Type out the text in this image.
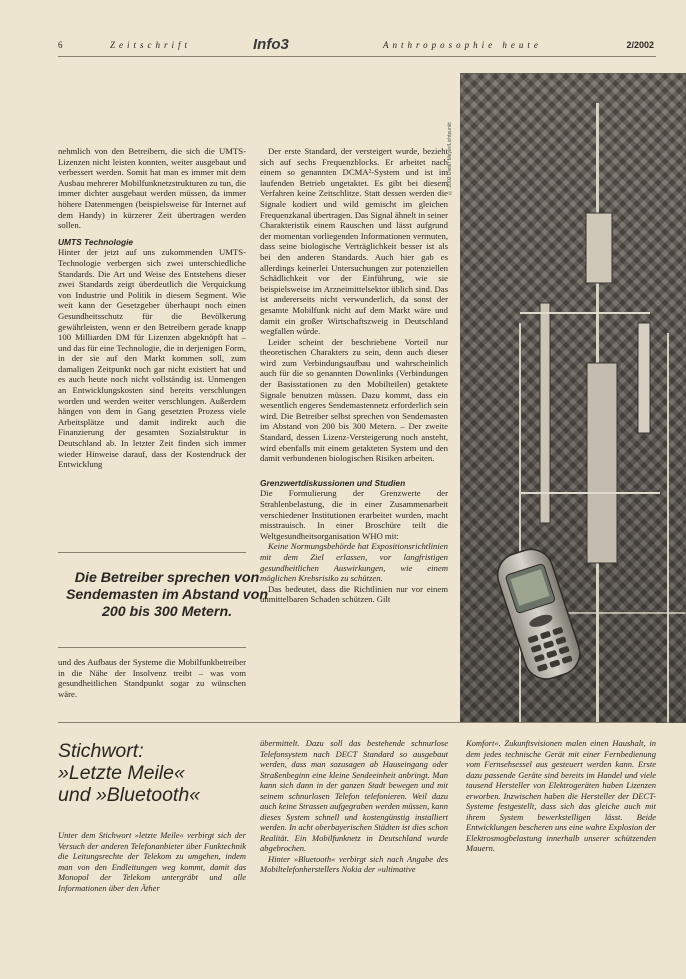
6	Zeitschrift	Info3	Anthroposophie heute	2/2002
© 2002 Dieter Meyer/Lichtpunkt

nehmlich von den Betreibern, die sich die UMTS-Lizenzen nicht leisten konnten, weiter ausgebaut und verbessert werden. Somit hat man es immer mit dem Ausbau mehrerer Mobilfunknetzstrukturen zu tun, die immer dichter ausgebaut werden müssen, da immer höhere Datenmengen (beispielsweise für Internet auf dem Handy) in kürzerer Zeit übertragen werden sollen.

UMTS Technologie

Hinter der jetzt auf uns zukommenden UMTS-Technologie verbergen sich zwei unterschiedliche Standards. Die Art und Weise des Entstehens dieser zwei Standards zeigt überdeutlich die Verquickung von Industrie und Politik in diesem Segment. Wie weit kann der Gesetzgeber überhaupt noch einen Gesundheitsschutz für die Bevölkerung gewährleisten, wenn er den Betreibern gerade knapp 100 Milliarden DM für Lizenzen abgeknöpft hat – und das für eine Technologie, die in derjenigen Form, in der sie auf den Markt kommen soll, zum damaligen Zeitpunkt noch gar nicht existiert hat und es auch heute noch nicht vollständig ist. Unmengen an Entwicklungskosten sind bereits verschlungen worden und werden weiter verschlungen. Außerdem hängen von dem in Gang gesetzten Prozess viele Arbeitsplätze und damit indirekt auch die Finanzierung der gesamten Sozialstruktur in Deutschland ab. In letzter Zeit finden sich immer wieder Hinweise darauf, dass der Kostendruck der Entwicklung

Die Betreiber sprechen von Sendemasten im Abstand von 200 bis 300 Metern.

und des Aufbaus der Systeme die Mobilfunkbetreiber in die Nähe der Insolvenz treibt – was vom gesundheitlichen Standpunkt sogar zu wünschen wäre.

Der erste Standard, der versteigert wurde, bezieht sich auf sechs Frequenzblocks. Er arbeitet nach einem so genannten DCMA²-System und ist im laufenden Betrieb ungetaktet. Es gibt bei diesem Verfahren keine Zeitschlitze. Statt dessen werden die Signale kodiert und wild gemischt im gleichen Frequenzkanal übertragen. Das Signal ähnelt in seiner Charakteristik einem Rauschen und lässt aufgrund der momentan vorliegenden Informationen vermuten, dass seine biologische Verträglichkeit besser ist als bei den anderen Standards. Auch hier gab es allerdings keinerlei Untersuchungen zur potenziellen Schädlichkeit vor der Einführung, wie sie beispielsweise im Arzneimittelsektor üblich sind. Das ist andererseits nicht verwunderlich, da sonst der gesamte Mobilfunk nicht auf dem Markt wäre und damit ein großer Wirtschaftszweig in Deutschland wegfallen würde.

Leider scheint der beschriebene Vorteil nur theoretischen Charakters zu sein, denn auch dieser wird zum Verbindungsaufbau und wahrscheinlich auch für die so genannten Downlinks (Verbindungen der Basisstationen zu den Mobilteilen) getaktete Signale benutzen müssen. Dazu kommt, dass ein wesentlich engeres Sendemastennetz erforderlich sein wird. Die Betreiber selbst sprechen von Sendemasten im Abstand von 200 bis 300 Metern. – Der zweite Standard, dessen Lizenz-Versteigerung noch ansteht, wird ebenfalls mit einem getakteten System und den damit verbundenen biologischen Risiken arbeiten.

Grenzwertdiskussionen und Studien

Die Formulierung der Grenzwerte der Strahlenbelastung, die in einer Zusammenarbeit verschiedener Institutionen erarbeitet wurden, macht misstrauisch. In einer Broschüre teilt die Weltgesundheitsorganisation WHO mit:

Keine Normungsbehörde hat Expositionsrichtlinien mit dem Ziel erlassen, vor langfristigen gesundheitlichen Auswirkungen, wie einem möglichen Krebsrisiko zu schützen.

Das bedeutet, dass die Richtlinien nur vor einem unmittelbaren Schaden schützen. Gilt

Stichwort:
»Letzte Meile«
und »Bluetooth«

Unter dem Stichwort »letzte Meile« verbirgt sich der Versuch der anderen Telefonanbieter über Funktechnik die Leitungsrechte der Telekom zu umgehen, indem man von den Endleitungen weg kommt, damit das Monopol der Telekom untergräbt und alle Informationen über den Äther

übermittelt. Dazu soll das bestehende schnurlose Telefonsystem nach DECT Standard so ausgebaut werden, dass man sozusagen ab Hauseingang oder Straßenbeginn eine kleine Sendeeinheit anbringt. Man kann sich dann in der ganzen Stadt bewegen und mit seinem schnurlosen Telefon telefonieren. Weil dazu auch keine Strassen aufgegraben werden müssen, kann dieses System schnell und kostengünstig installiert werden. In acht oberbayerischen Städten ist dies schon Realität. Ein Mobilfunknetz in Deutschland wurde abgebrochen.

Hinter »Bluetooth« verbirgt sich nach Angabe des Mobiltelefonherstellers Nokia der »ultimative

Komfort«. Zukunftsvisionen malen einen Haushalt, in dem jedes technische Gerät mit einer Fernbedienung vom Fernsehsessel aus gesteuert werden kann. Erste dazu passende Geräte sind bereits im Handel und viele tausend Hersteller von Elektrogeräten haben Lizenzen erworben. Inzwischen haben die Hersteller der DECT-Systeme festgestellt, dass sich das gleiche auch mit ihrem System bewerkstelligen lässt. Beide Entwicklungen bescheren uns eine wahre Explosion der Elektrosmogbelastung innerhalb unserer schützenden Mauern.
